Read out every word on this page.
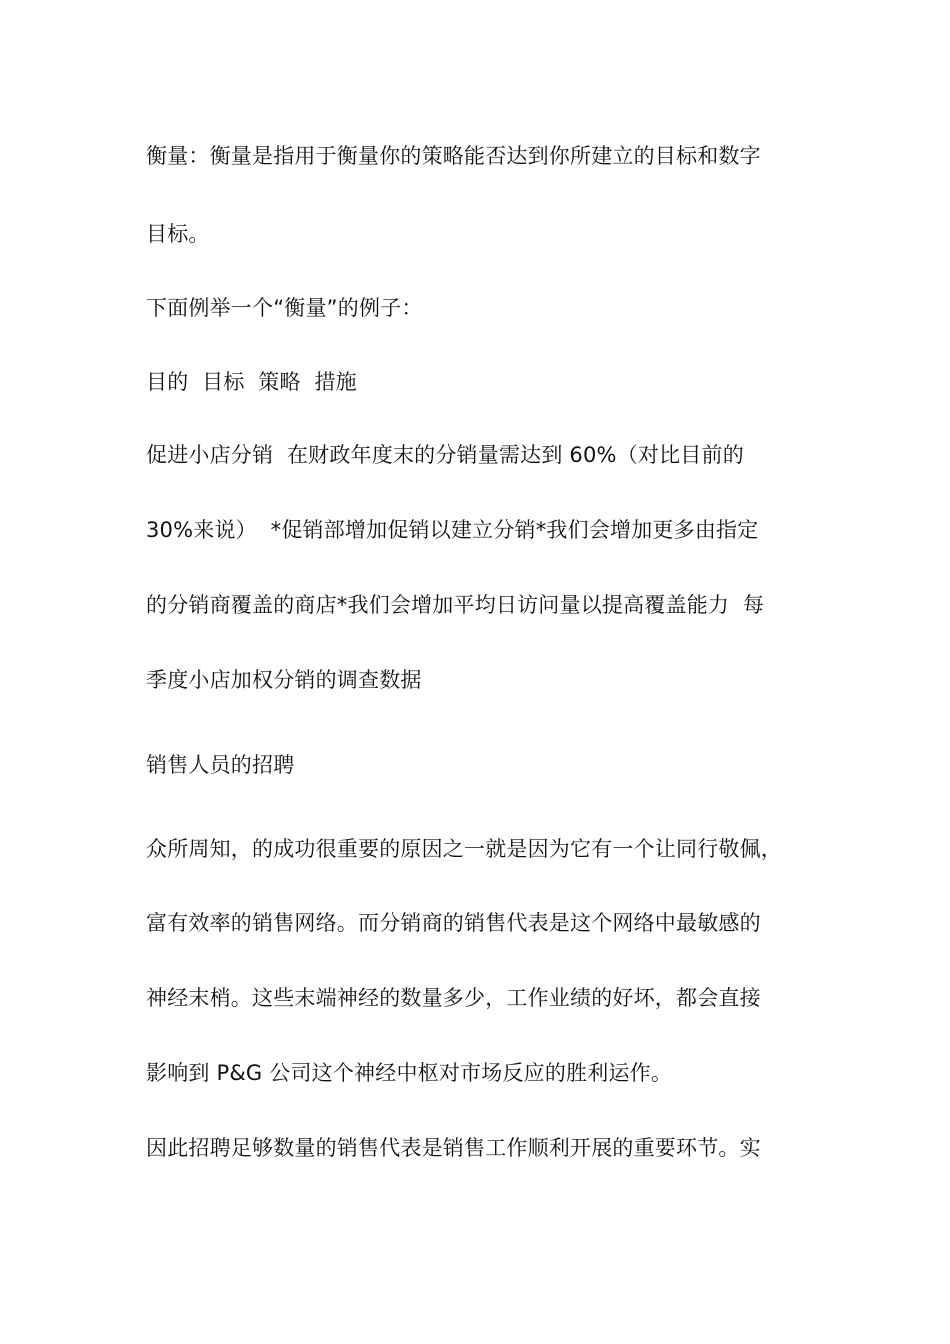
衡量：衡量是指用于衡量你的策略能否达到你所建立的目标和数字
目标。
下面例举一个“衡量”的例子：
目的  目标  策略  措施
促进小店分销  在财政年度末的分销量需达到 60%（对比目前的
30%来说）  *促销部增加促销以建立分销*我们会增加更多由指定
的分销商覆盖的商店*我们会增加平均日访问量以提高覆盖能力  每
季度小店加权分销的调查数据
销售人员的招聘
众所周知，的成功很重要的原因之一就是因为它有一个让同行敬佩，
富有效率的销售网络。而分销商的销售代表是这个网络中最敏感的
神经末梢。这些末端神经的数量多少，工作业绩的好坏，都会直接
影响到 P&G 公司这个神经中枢对市场反应的胜利运作。
因此招聘足够数量的销售代表是销售工作顺利开展的重要环节。实
